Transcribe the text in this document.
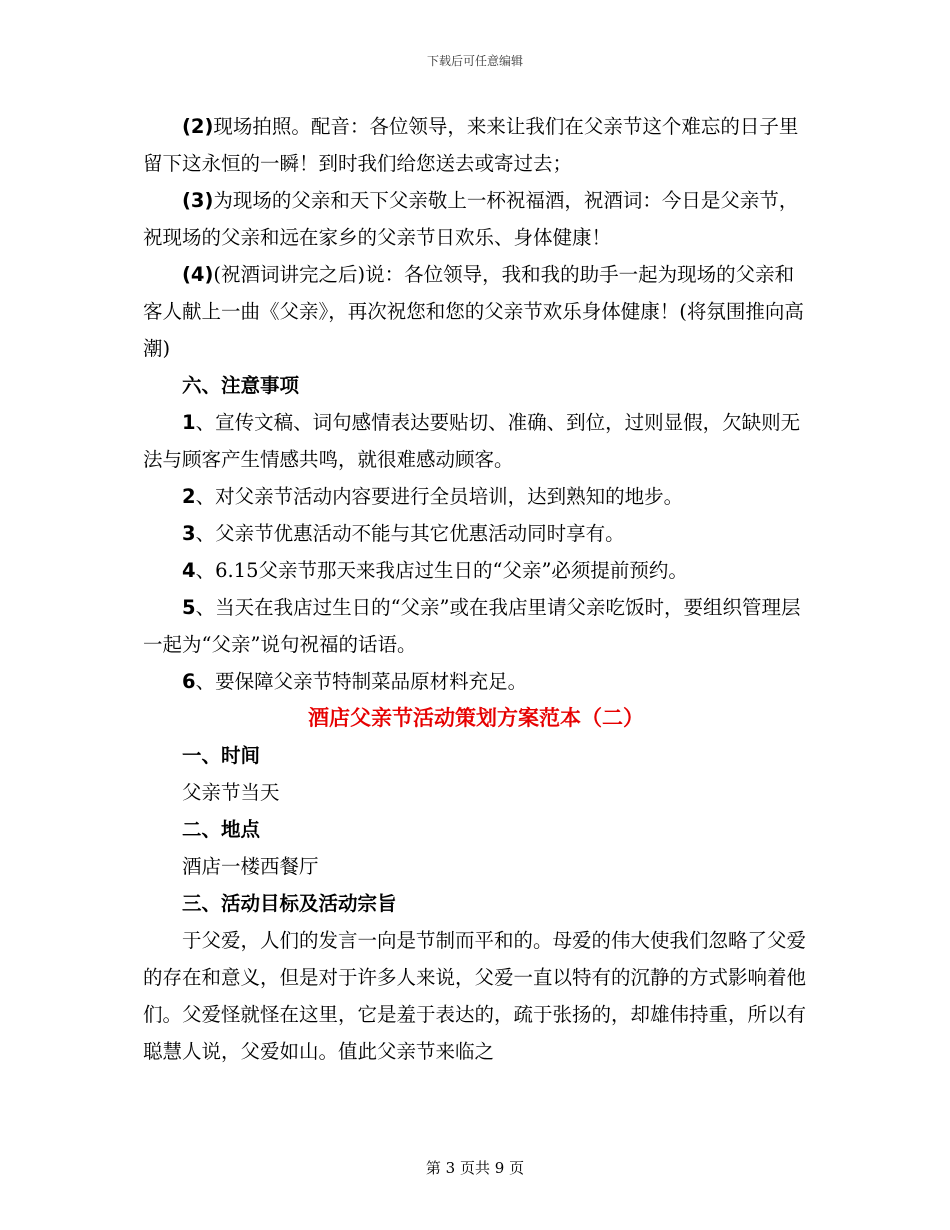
下载后可任意编辑

(2)现场拍照。配音：各位领导，来来让我们在父亲节这个难忘的日子里留下这永恒的一瞬！到时我们给您送去或寄过去；

(3)为现场的父亲和天下父亲敬上一杯祝福酒，祝酒词：今日是父亲节，祝现场的父亲和远在家乡的父亲节日欢乐、身体健康！

(4)(祝酒词讲完之后)说：各位领导，我和我的助手一起为现场的父亲和客人献上一曲《父亲》，再次祝您和您的父亲节欢乐身体健康！(将氛围推向高潮)

六、注意事项

1、宣传文稿、词句感情表达要贴切、准确、到位，过则显假，欠缺则无法与顾客产生情感共鸣，就很难感动顾客。

2、对父亲节活动内容要进行全员培训，达到熟知的地步。

3、父亲节优惠活动不能与其它优惠活动同时享有。

4、6.15父亲节那天来我店过生日的“父亲”必须提前预约。

5、当天在我店过生日的“父亲”或在我店里请父亲吃饭时，要组织管理层一起为“父亲”说句祝福的话语。

6、要保障父亲节特制菜品原材料充足。

酒店父亲节活动策划方案范本（二）

一、时间

父亲节当天

二、地点

酒店一楼西餐厅

三、活动目标及活动宗旨

于父爱，人们的发言一向是节制而平和的。母爱的伟大使我们忽略了父爱的存在和意义，但是对于许多人来说，父爱一直以特有的沉静的方式影响着他们。父爱怪就怪在这里，它是羞于表达的，疏于张扬的，却雄伟持重，所以有聪慧人说，父爱如山。值此父亲节来临之

第 3 页共 9 页
